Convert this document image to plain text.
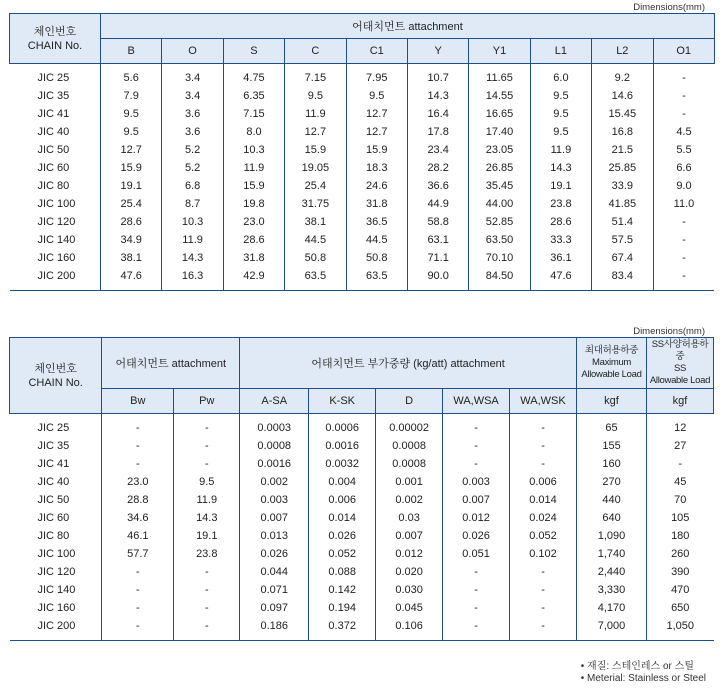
Dimensions(mm)
체인번호
CHAIN No.	어태치먼트 attachment									
	B	O	S	C	C1	Y	Y1	L1	L2	O1

JIC 25	5.6	3.4	4.75	7.15	7.95	10.7	11.65	6.0	9.2	-
JIC 35	7.9	3.4	6.35	9.5	9.5	14.3	14.55	9.5	14.6	-
JIC 41	9.5	3.6	7.15	11.9	12.7	16.4	16.65	9.5	15.45	-
JIC 40	9.5	3.6	8.0	12.7	12.7	17.8	17.40	9.5	16.8	4.5
JIC 50	12.7	5.2	10.3	15.9	15.9	23.4	23.05	11.9	21.5	5.5
JIC 60	15.9	5.2	11.9	19.05	18.3	28.2	26.85	14.3	25.85	6.6
JIC 80	19.1	6.8	15.9	25.4	24.6	36.6	35.45	19.1	33.9	9.0
JIC 100	25.4	8.7	19.8	31.75	31.8	44.9	44.00	23.8	41.85	11.0
JIC 120	28.6	10.3	23.0	38.1	36.5	58.8	52.85	28.6	51.4	-
JIC 140	34.9	11.9	28.6	44.5	44.5	63.1	63.50	33.3	57.5	-
JIC 160	38.1	14.3	31.8	50.8	50.8	71.1	70.10	36.1	67.4	-
JIC 200	47.6	16.3	42.9	63.5	63.5	90.0	84.50	47.6	83.4	-

Dimensions(mm)
체인번호
CHAIN No.	어태치먼트 attachment		어태치먼트 부가중량 (kg/att) attachment					최대허용하중
Maximum
Allowable Load	SS사양허용하중
SS
Allowable Load
	Bw	Pw	A-SA	K-SK	D	WA,WSA	WA,WSK	kgf	kgf

JIC 25	-	-	0.0003	0.0006	0.00002	-	-	65	12
JIC 35	-	-	0.0008	0.0016	0.0008	-	-	155	27
JIC 41	-	-	0.0016	0.0032	0.0008	-	-	160	-
JIC 40	23.0	9.5	0.002	0.004	0.001	0.003	0.006	270	45
JIC 50	28.8	11.9	0.003	0.006	0.002	0.007	0.014	440	70
JIC 60	34.6	14.3	0.007	0.014	0.03	0.012	0.024	640	105
JIC 80	46.1	19.1	0.013	0.026	0.007	0.026	0.052	1,090	180
JIC 100	57.7	23.8	0.026	0.052	0.012	0.051	0.102	1,740	260
JIC 120	-	-	0.044	0.088	0.020	-	-	2,440	390
JIC 140	-	-	0.071	0.142	0.030	-	-	3,330	470
JIC 160	-	-	0.097	0.194	0.045	-	-	4,170	650
JIC 200	-	-	0.186	0.372	0.106	-	-	7,000	1,050

• 재질: 스테인레스 or 스틸
• Meterial: Stainless or Steel
